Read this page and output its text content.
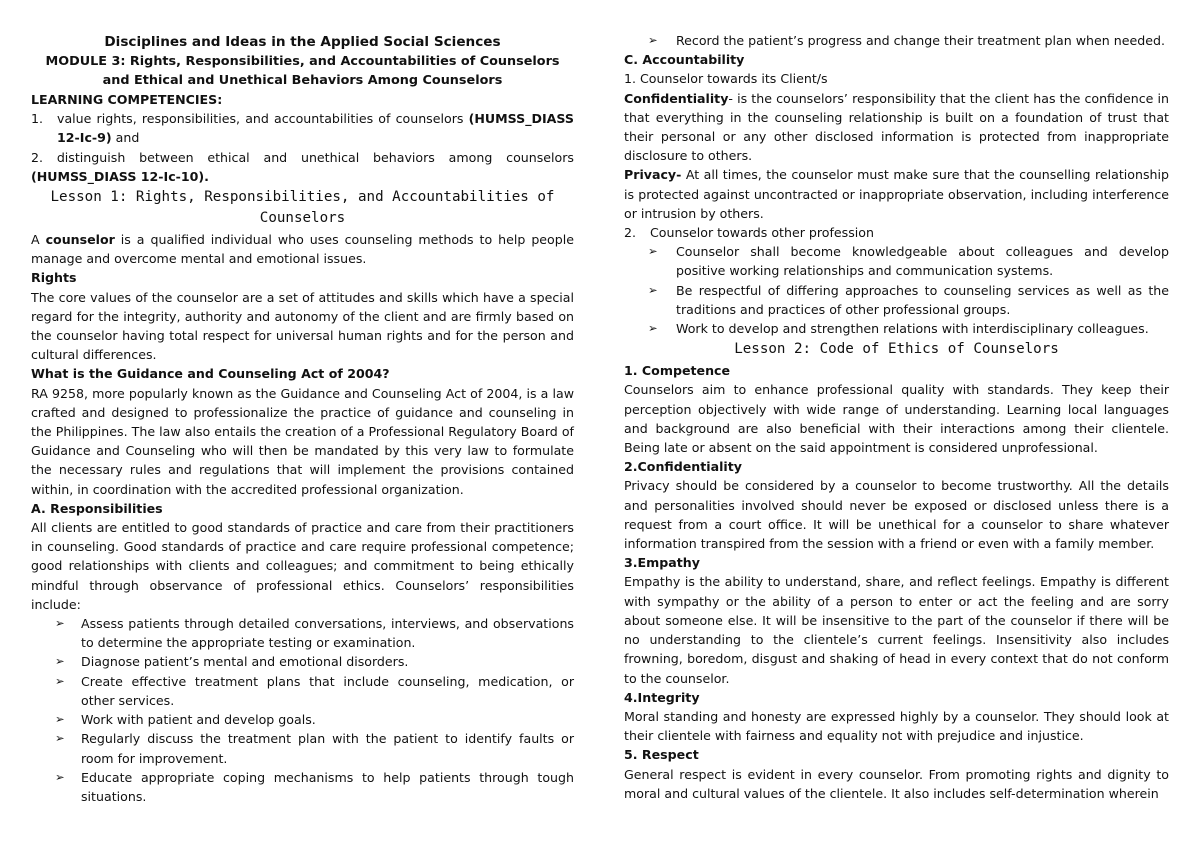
Disciplines and Ideas in the Applied Social Sciences

MODULE 3: Rights, Responsibilities, and Accountabilities of Counselors and Ethical and Unethical Behaviors Among Counselors

LEARNING COMPETENCIES:

1.	value rights, responsibilities, and accountabilities of counselors (HUMSS_DIASS 12-Ic-9) and

2. distinguish between ethical and unethical behaviors among counselors (HUMSS_DIASS 12-Ic-10).

Lesson 1: Rights, Responsibilities, and Accountabilities of Counselors

A counselor is a qualified individual who uses counseling methods to help people manage and overcome mental and emotional issues.

Rights

The core values of the counselor are a set of attitudes and skills which have a special regard for the integrity, authority and autonomy of the client and are firmly based on the counselor having total respect for universal human rights and for the person and cultural differences.

What is the Guidance and Counseling Act of 2004?

RA 9258, more popularly known as the Guidance and Counseling Act of 2004, is a law crafted and designed to professionalize the practice of guidance and counseling in the Philippines. The law also entails the creation of a Professional Regulatory Board of Guidance and Counseling who will then be mandated by this very law to formulate the necessary rules and regulations that will implement the provisions contained within, in coordination with the accredited professional organization.

A. Responsibilities

All clients are entitled to good standards of practice and care from their practitioners in counseling. Good standards of practice and care require professional competence; good relationships with clients and colleagues; and commitment to being ethically mindful through observance of professional ethics. Counselors’ responsibilities include:

➢	Assess patients through detailed conversations, interviews, and observations to determine the appropriate testing or examination.
➢	Diagnose patient’s mental and emotional disorders.
➢	Create effective treatment plans that include counseling, medication, or other services.
➢	Work with patient and develop goals.
➢	Regularly discuss the treatment plan with the patient to identify faults or room for improvement.
➢	Educate appropriate coping mechanisms to help patients through tough situations.
➢	Record the patient’s progress and change their treatment plan when needed.

C. Accountability

1. Counselor towards its Client/s

Confidentiality- is the counselors’ responsibility that the client has the confidence in that everything in the counseling relationship is built on a foundation of trust that their personal or any other disclosed information is protected from inappropriate disclosure to others.

Privacy- At all times, the counselor must make sure that the counselling relationship is protected against uncontracted or inappropriate observation, including interference or intrusion by others.

2.	Counselor towards other profession
➢	Counselor shall become knowledgeable about colleagues and develop positive working relationships and communication systems.
➢	Be respectful of differing approaches to counseling services as well as the traditions and practices of other professional groups.
➢	Work to develop and strengthen relations with interdisciplinary colleagues.

Lesson 2: Code of Ethics of Counselors

1. Competence

Counselors aim to enhance professional quality with standards. They keep their perception objectively with wide range of understanding. Learning local languages and background are also beneficial with their interactions among their clientele. Being late or absent on the said appointment is considered unprofessional.

2.Confidentiality

Privacy should be considered by a counselor to become trustworthy. All the details and personalities involved should never be exposed or disclosed unless there is a request from a court office. It will be unethical for a counselor to share whatever information transpired from the session with a friend or even with a family member.

3.Empathy

Empathy is the ability to understand, share, and reflect feelings. Empathy is different with sympathy or the ability of a person to enter or act the feeling and are sorry about someone else. It will be insensitive to the part of the counselor if there will be no understanding to the clientele’s current feelings. Insensitivity also includes frowning, boredom, disgust and shaking of head in every context that do not conform to the counselor.

4.Integrity

Moral standing and honesty are expressed highly by a counselor. They should look at their clientele with fairness and equality not with prejudice and injustice.

5. Respect

General respect is evident in every counselor. From promoting rights and dignity to moral and cultural values of the clientele. It also includes self-determination wherein
